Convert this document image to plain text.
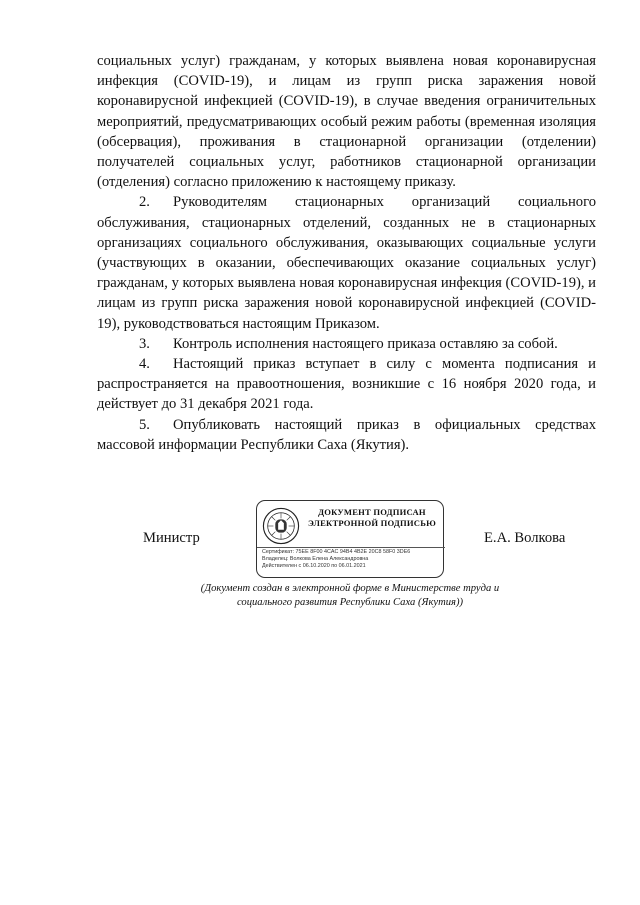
социальных услуг) гражданам, у которых выявлена новая коронавирусная инфекция (COVID-19), и лицам из групп риска заражения новой коронавирусной инфекцией (COVID-19), в случае введения ограничительных мероприятий, предусматривающих особый режим работы (временная изоляция (обсервация), проживания в стационарной организации (отделении) получателей социальных услуг, работников стационарной организации (отделения) согласно приложению к настоящему приказу.

2. Руководителям стационарных организаций социального обслуживания, стационарных отделений, созданных не в стационарных организациях социального обслуживания, оказывающих социальные услуги (участвующих в оказании, обеспечивающих оказание социальных услуг) гражданам, у которых выявлена новая коронавирусная инфекция (COVID-19), и лицам из групп риска заражения новой коронавирусной инфекцией (COVID-19), руководствоваться настоящим Приказом.

3. Контроль исполнения настоящего приказа оставляю за собой.

4. Настоящий приказ вступает в силу с момента подписания и распространяется на правоотношения, возникшие с 16 ноября 2020 года, и действует до 31 декабря 2021 года.

5. Опубликовать настоящий приказ в официальных средствах массовой информации Республики Саха (Якутия).

Министр
ДОКУМЕНТ ПОДПИСАН
ЭЛЕКТРОННОЙ ПОДПИСЬЮ
Сертификат: 75EE 8F00 4CAC 94B4 4B2E 20C8 58F0 3DE6
Владелец: Волкова Елена Александровна
Действителен с 06.10.2020 по 06.01.2021
Е.А. Волкова
(Документ создан в электронной форме в Министерстве труда и
социального развития Республики Саха (Якутия))
